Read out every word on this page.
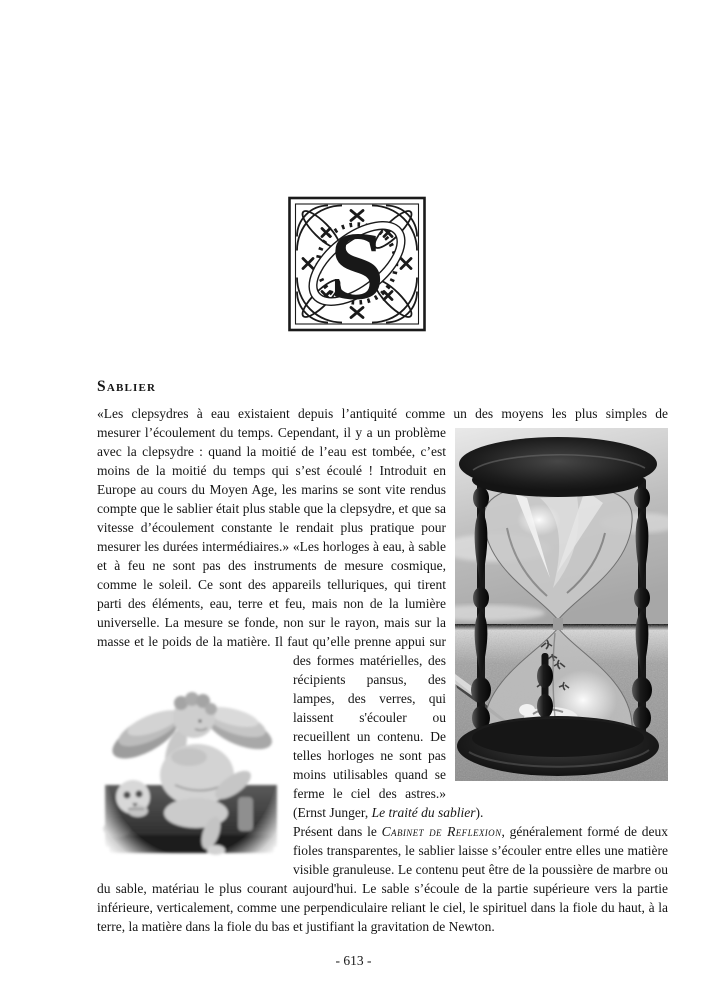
S
Sablier
«Les clepsydres à eau existaient depuis l’antiquité comme un des moyens les plus simples de
mesurer l’écoulement du temps. Cependant, il y a un problème avec la clepsydre : quand la moitié de l’eau est tombée, c’est moins de la moitié du temps qui s’est écoulé ! Introduit en Europe au cours du Moyen Age, les marins se sont vite rendus compte que le sablier était plus stable que la clepsydre, et que sa vitesse d’écoulement constante le rendait plus pratique pour mesurer les durées intermédiaires.» «Les horloges à eau, à sable et à feu ne sont pas des instruments de mesure cosmique, comme le soleil. Ce sont des appareils telluriques, qui tirent parti des éléments, eau, terre et feu, mais non de la lumière universelle. La mesure se fonde, non sur le rayon, mais sur la masse et le poids de la matière. Il faut qu’elle prenne appui sur
des formes matérielles, des récipients pansus, des lampes, des verres, qui laissent s'écouler ou recueillent un contenu. De telles horloges ne sont pas moins utilisables quand se ferme le ciel des astres.» (Ernst Junger, Le traité du sablier).
Présent dans le Cabinet de Reflexion, généralement formé de deux fioles transparentes, le sablier laisse s’écouler entre elles une matière visible granuleuse. Le contenu peut être de la poussière de marbre ou du sable, matériau le plus courant aujourd'hui. Le sable s’écoule de la partie supérieure vers la partie inférieure, verticalement, comme une perpendiculaire reliant le ciel, le spirituel dans la fiole du haut, à la terre, la matière dans la fiole du bas et justifiant la gravitation de Newton.
- 613 -
